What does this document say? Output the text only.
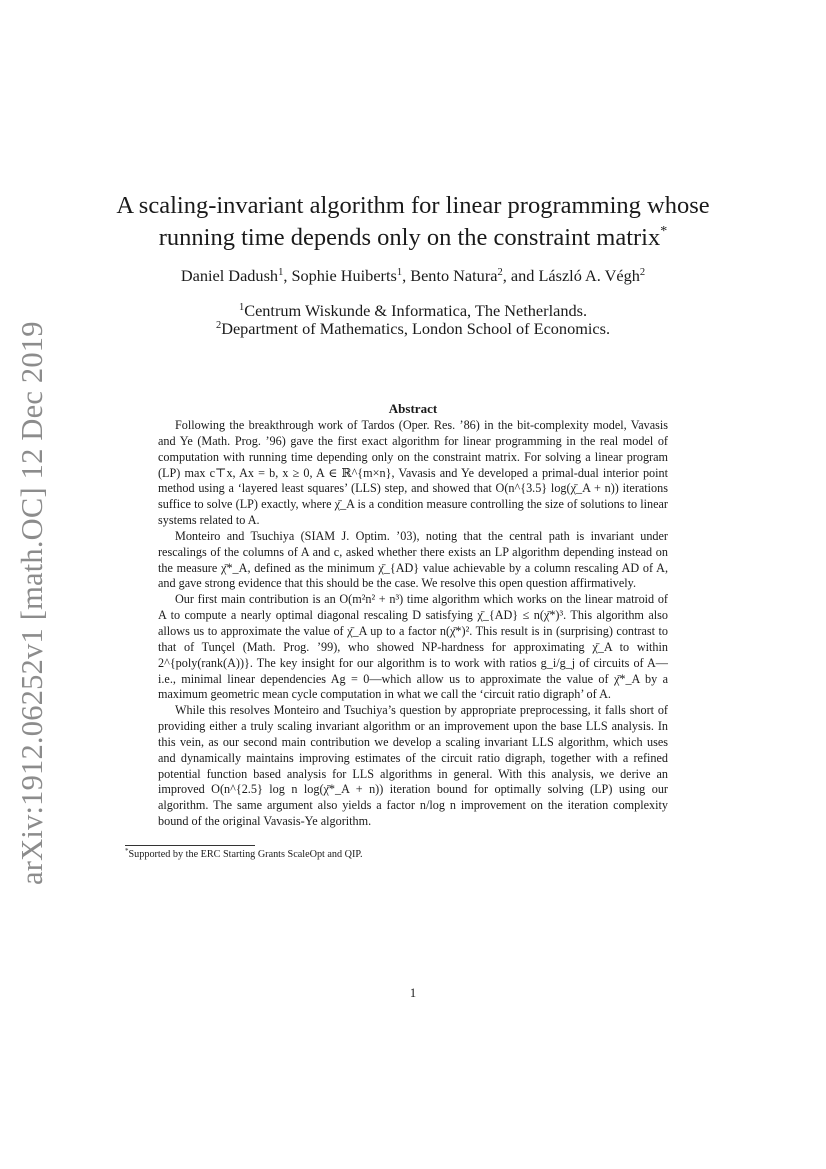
arXiv:1912.06252v1 [math.OC] 12 Dec 2019
A scaling-invariant algorithm for linear programming whose
running time depends only on the constraint matrix*
Daniel Dadush$^1$, Sophie Huiberts$^1$, Bento Natura$^2$, and László A. Végh$^2$
$^1$Centrum Wiskunde & Informatica, The Netherlands.
$^2$Department of Mathematics, London School of Economics.
Abstract

Following the breakthrough work of Tardos (Oper. Res. ’86) in the bit-complexity model, Vavasis and Ye (Math. Prog. ’96) gave the first exact algorithm for linear programming in the real model of computation with running time depending only on the constraint matrix. For solving a linear program (LP) max c⊤x, Ax = b, x ≥ 0, A ∈ ℝ^{m×n}, Vavasis and Ye developed a primal-dual interior point method using a ‘layered least squares’ (LLS) step, and showed that O(n^{3.5} log(χ̄_A + n)) iterations suffice to solve (LP) exactly, where χ̄_A is a condition measure controlling the size of solutions to linear systems related to A.

Monteiro and Tsuchiya (SIAM J. Optim. ’03), noting that the central path is invariant under rescalings of the columns of A and c, asked whether there exists an LP algorithm depending instead on the measure χ̄*_A, defined as the minimum χ̄_{AD} value achievable by a column rescaling AD of A, and gave strong evidence that this should be the case. We resolve this open question affirmatively.

Our first main contribution is an O(m²n² + n³) time algorithm which works on the linear matroid of A to compute a nearly optimal diagonal rescaling D satisfying χ̄_{AD} ≤ n(χ̄*)³. This algorithm also allows us to approximate the value of χ̄_A up to a factor n(χ̄*)². This result is in (surprising) contrast to that of Tunçel (Math. Prog. ’99), who showed NP-hardness for approximating χ̄_A to within 2^{poly(rank(A))}. The key insight for our algorithm is to work with ratios g_i/g_j of circuits of A—i.e., minimal linear dependencies Ag = 0—which allow us to approximate the value of χ̄*_A by a maximum geometric mean cycle computation in what we call the ‘circuit ratio digraph’ of A.

While this resolves Monteiro and Tsuchiya’s question by appropriate preprocessing, it falls short of providing either a truly scaling invariant algorithm or an improvement upon the base LLS analysis. In this vein, as our second main contribution we develop a scaling invariant LLS algorithm, which uses and dynamically maintains improving estimates of the circuit ratio digraph, together with a refined potential function based analysis for LLS algorithms in general. With this analysis, we derive an improved O(n^{2.5} log n log(χ̄*_A + n)) iteration bound for optimally solving (LP) using our algorithm. The same argument also yields a factor n/log n improvement on the iteration complexity bound of the original Vavasis-Ye algorithm.

*Supported by the ERC Starting Grants ScaleOpt and QIP.
1
